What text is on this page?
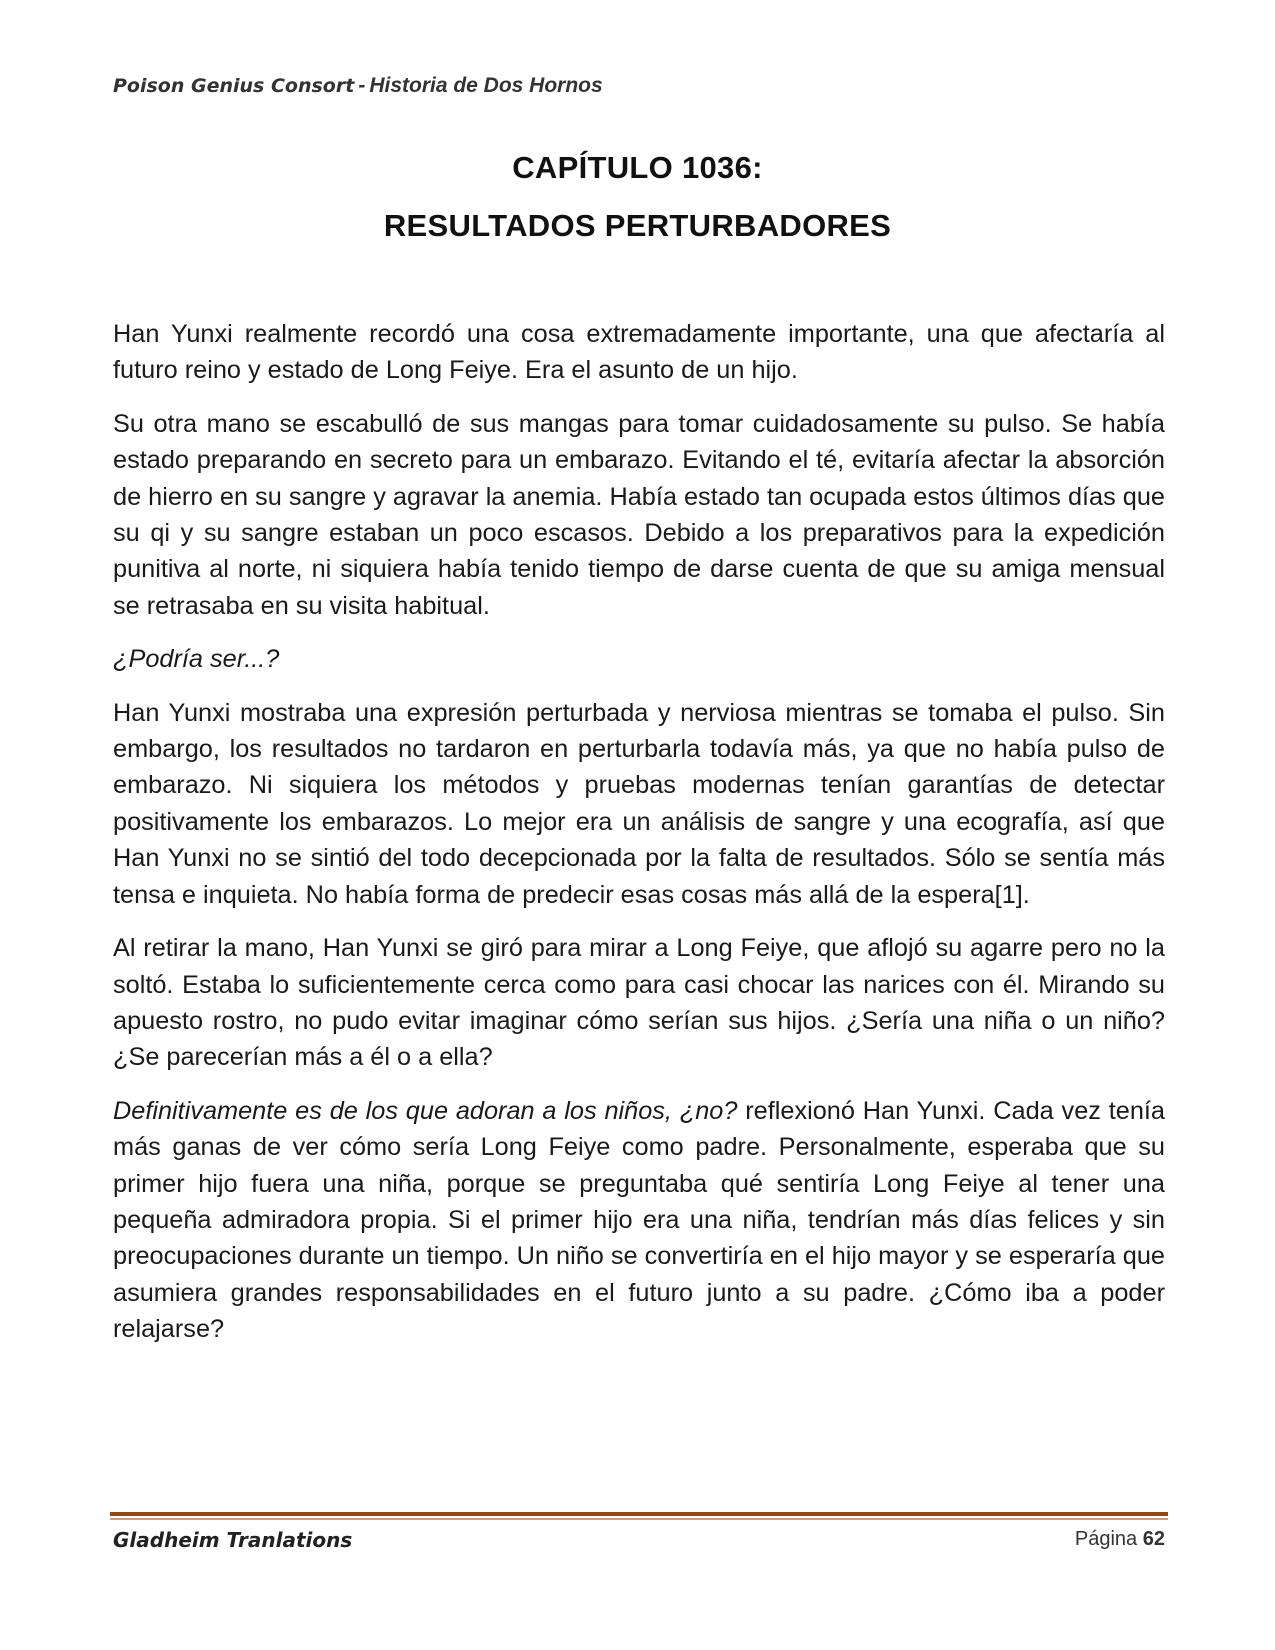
Poison Genius Consort - Historia de Dos Hornos
CAPÍTULO 1036:
RESULTADOS PERTURBADORES

Han Yunxi realmente recordó una cosa extremadamente importante, una que afectaría al futuro reino y estado de Long Feiye. Era el asunto de un hijo.

Su otra mano se escabulló de sus mangas para tomar cuidadosamente su pulso. Se había estado preparando en secreto para un embarazo. Evitando el té, evitaría afectar la absorción de hierro en su sangre y agravar la anemia. Había estado tan ocupada estos últimos días que su qi y su sangre estaban un poco escasos. Debido a los preparativos para la expedición punitiva al norte, ni siquiera había tenido tiempo de darse cuenta de que su amiga mensual se retrasaba en su visita habitual.

¿Podría ser...?

Han Yunxi mostraba una expresión perturbada y nerviosa mientras se tomaba el pulso. Sin embargo, los resultados no tardaron en perturbarla todavía más, ya que no había pulso de embarazo. Ni siquiera los métodos y pruebas modernas tenían garantías de detectar positivamente los embarazos. Lo mejor era un análisis de sangre y una ecografía, así que Han Yunxi no se sintió del todo decepcionada por la falta de resultados. Sólo se sentía más tensa e inquieta. No había forma de predecir esas cosas más allá de la espera[1].

Al retirar la mano, Han Yunxi se giró para mirar a Long Feiye, que aflojó su agarre pero no la soltó. Estaba lo suficientemente cerca como para casi chocar las narices con él. Mirando su apuesto rostro, no pudo evitar imaginar cómo serían sus hijos. ¿Sería una niña o un niño? ¿Se parecerían más a él o a ella?

Definitivamente es de los que adoran a los niños, ¿no? reflexionó Han Yunxi. Cada vez tenía más ganas de ver cómo sería Long Feiye como padre. Personalmente, esperaba que su primer hijo fuera una niña, porque se preguntaba qué sentiría Long Feiye al tener una pequeña admiradora propia. Si el primer hijo era una niña, tendrían más días felices y sin preocupaciones durante un tiempo. Un niño se convertiría en el hijo mayor y se esperaría que asumiera grandes responsabilidades en el futuro junto a su padre. ¿Cómo iba a poder relajarse?

Gladheim Tranlations	Página 62
